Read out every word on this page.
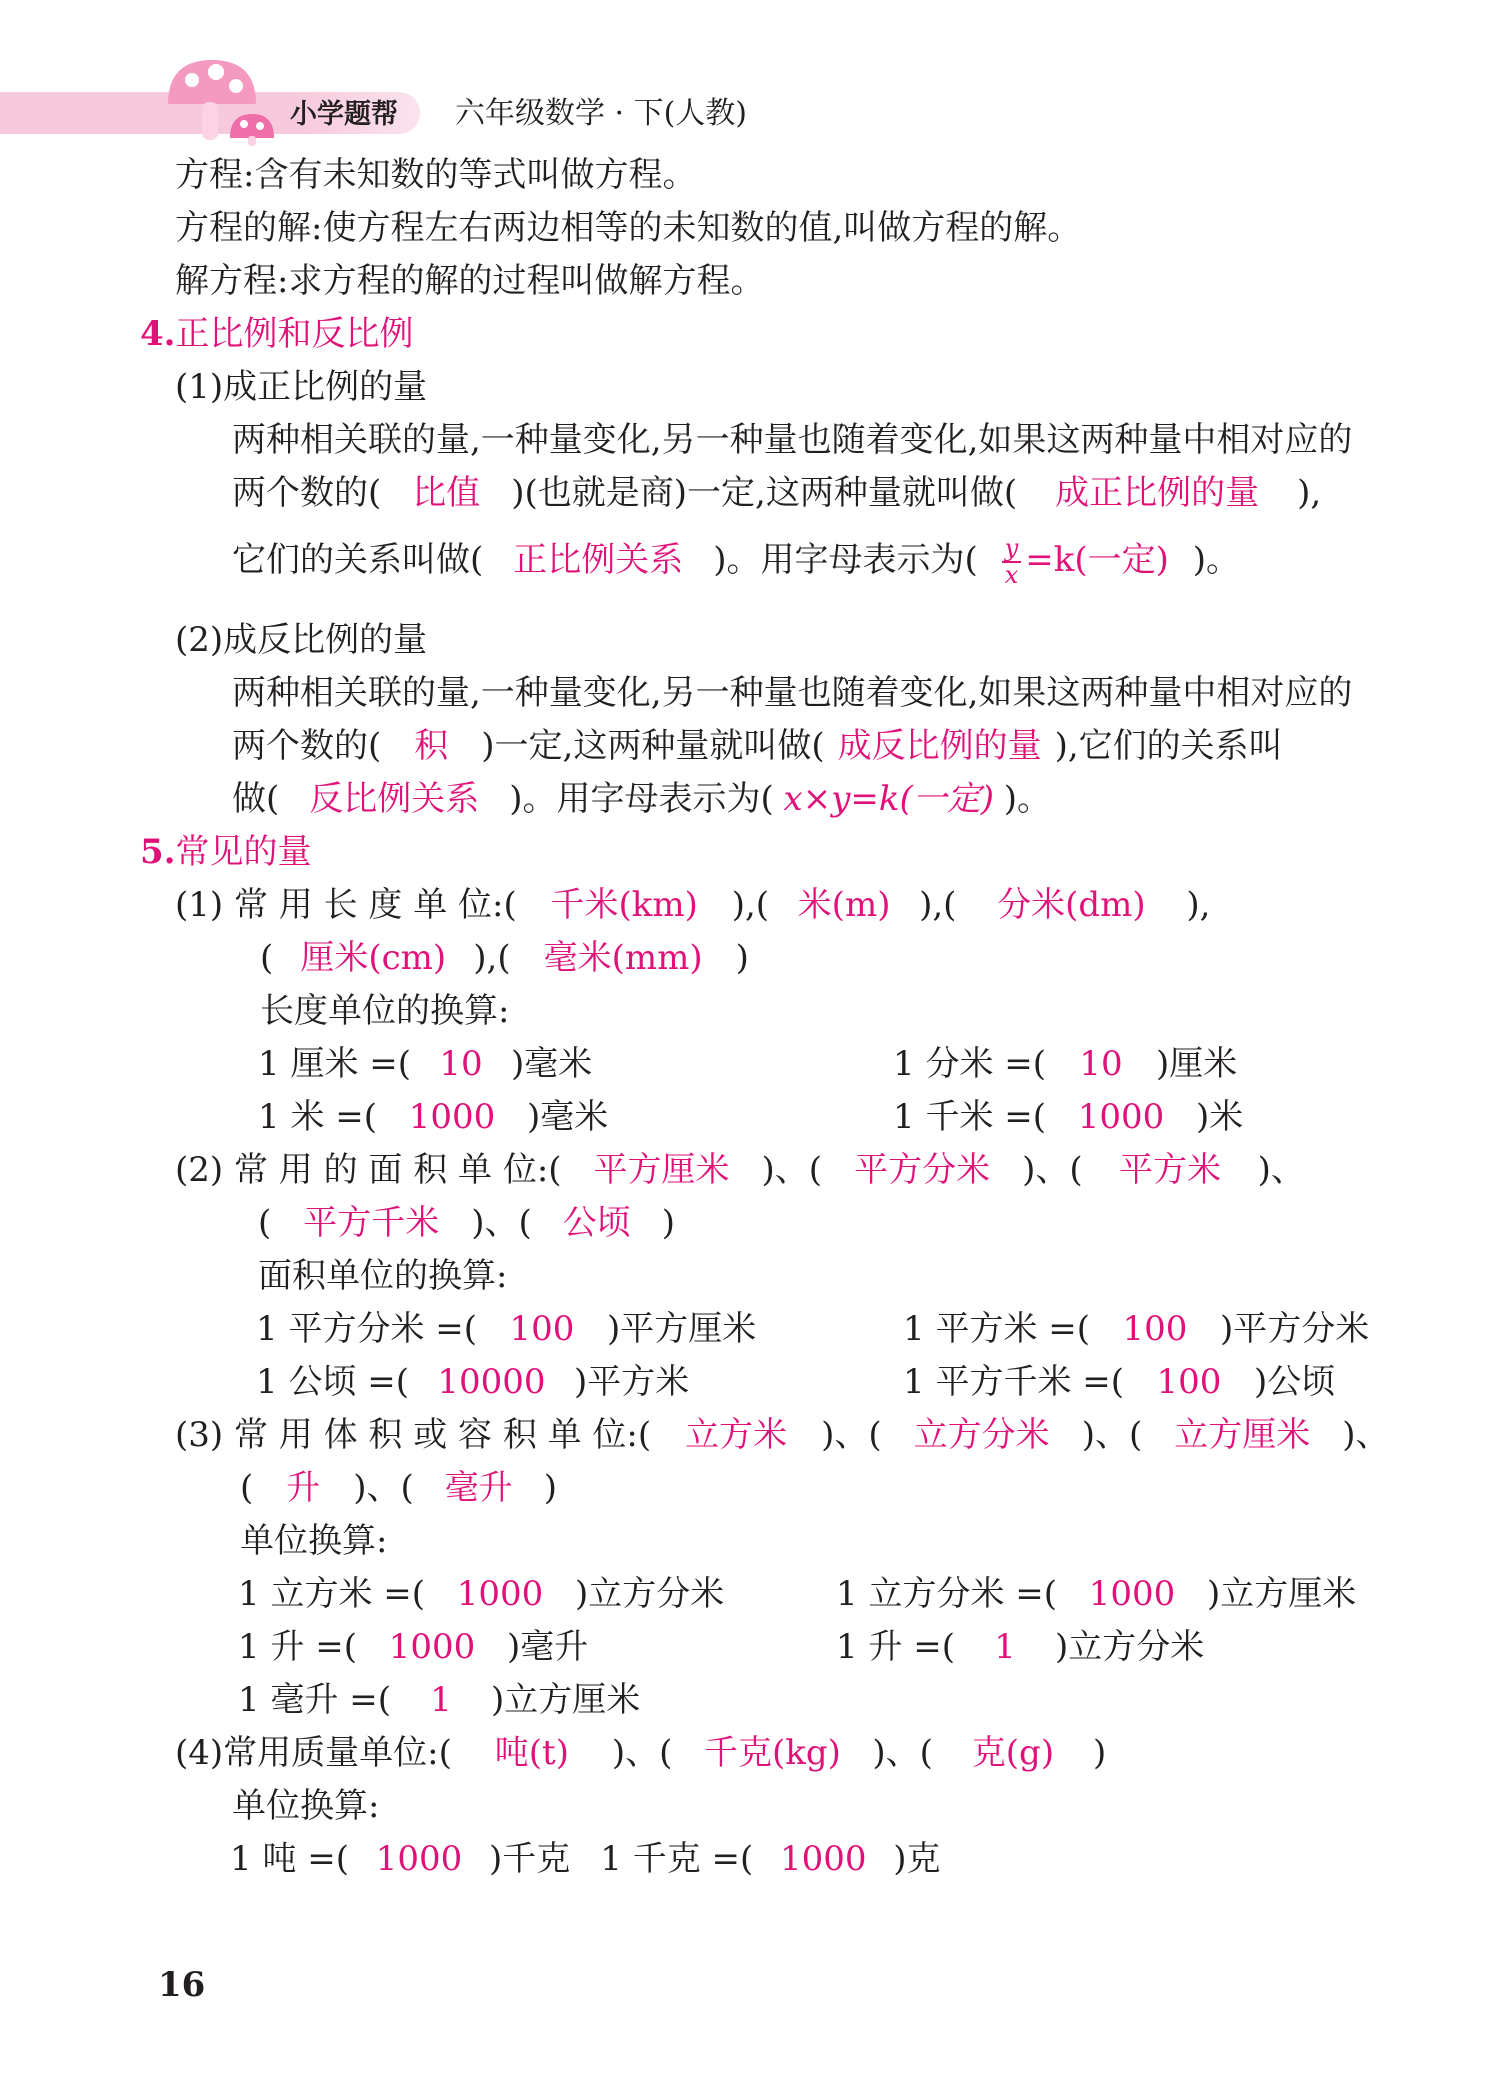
小学题帮 六年级数学 · 下(人教)
方程:含有未知数的等式叫做方程。
方程的解:使方程左右两边相等的未知数的值,叫做方程的解。
解方程:求方程的解的过程叫做解方程。
4.正比例和反比例
(1)成正比例的量
两种相关联的量,一种量变化,另一种量也随着变化,如果这两种量中相对应的
两个数的( 比值 )(也就是商)一定,这两种量就叫做( 成正比例的量 ),
它们的关系叫做( 正比例关系 )。用字母表示为( $\frac{y}{x} =k$(一定) )。
(2)成反比例的量
两种相关联的量,一种量变化,另一种量也随着变化,如果这两种量中相对应的
两个数的( 积 )一定,这两种量就叫做( 成反比例的量 ),它们的关系叫
做( 反比例关系 )。用字母表示为( x×y=k(一定) )。
5.常见的量
(1) 常 用 长 度 单 位:( 千米(km) ),( 米(m) ),( 分米(dm) ),
( 厘米(cm) ),( 毫米(mm) )
长度单位的换算:
1 厘米 =( 10 )毫米	1 分米 =( 10 )厘米
1 米 =( 1000 )毫米	1 千米 =( 1000 )米
(2) 常 用 的 面 积 单 位:( 平方厘米 )、( 平方分米 )、( 平方米 )、
( 平方千米 )、( 公顷 )
面积单位的换算:
1 平方分米 =( 100 )平方厘米	1 平方米 =( 100 )平方分米
1 公顷 =( 10000 )平方米	1 平方千米 =( 100 )公顷
(3) 常 用 体 积 或 容 积 单 位:( 立方米 )、( 立方分米 )、( 立方厘米 )、
( 升 )、( 毫升 )
单位换算:
1 立方米 =( 1000 )立方分米	1 立方分米 =( 1000 )立方厘米
1 升 =( 1000 )毫升	1 升 =( 1 )立方分米
1 毫升 =( 1 )立方厘米
(4)常用质量单位:( 吨(t) )、( 千克(kg) )、( 克(g) )
单位换算:
1 吨 =( 1000 )千克 1 千克 =( 1000 )克
16
